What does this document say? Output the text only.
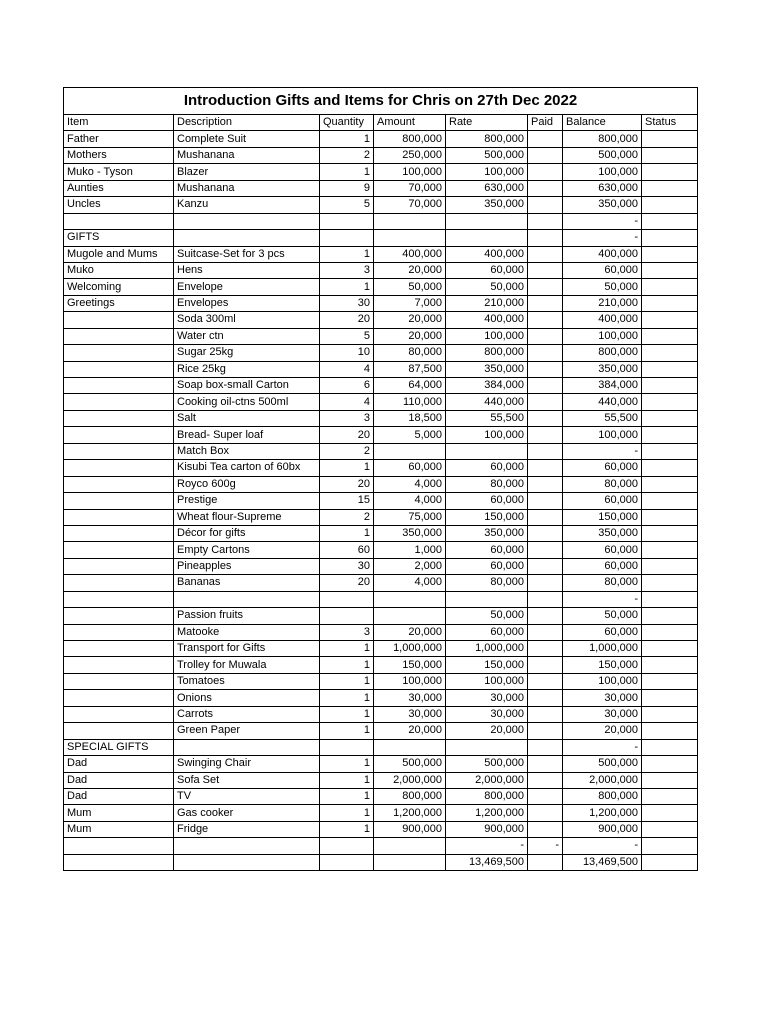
Introduction Gifts and Items for Chris on 27th Dec 2022							
Item	Description	Quantity	Amount	Rate	Paid	Balance	Status
Father	Complete Suit	1	800,000	800,000		800,000	
Mothers	Mushanana	2	250,000	500,000		500,000	
Muko - Tyson	Blazer	1	100,000	100,000		100,000	
Aunties	Mushanana	9	70,000	630,000		630,000	
Uncles	Kanzu	5	70,000	350,000		350,000	
						-	
GIFTS						-	
Mugole and Mums	Suitcase-Set for 3 pcs	1	400,000	400,000		400,000	
Muko	Hens	3	20,000	60,000		60,000	
Welcoming	Envelope	1	50,000	50,000		50,000	
Greetings	Envelopes	30	7,000	210,000		210,000	
	Soda 300ml	20	20,000	400,000		400,000	
	Water ctn	5	20,000	100,000		100,000	
	Sugar 25kg	10	80,000	800,000		800,000	
	Rice 25kg	4	87,500	350,000		350,000	
	Soap box-small Carton	6	64,000	384,000		384,000	
	Cooking oil-ctns 500ml	4	110,000	440,000		440,000	
	Salt	3	18,500	55,500		55,500	
	Bread- Super loaf	20	5,000	100,000		100,000	
	Match Box	2				-	
	Kisubi Tea carton of 60bx	1	60,000	60,000		60,000	
	Royco 600g	20	4,000	80,000		80,000	
	Prestige	15	4,000	60,000		60,000	
	Wheat flour-Supreme	2	75,000	150,000		150,000	
	Décor for gifts	1	350,000	350,000		350,000	
	Empty Cartons	60	1,000	60,000		60,000	
	Pineapples	30	2,000	60,000		60,000	
	Bananas	20	4,000	80,000		80,000	
						-	
	Passion fruits			50,000		50,000	
	Matooke	3	20,000	60,000		60,000	
	Transport for Gifts	1	1,000,000	1,000,000		1,000,000	
	Trolley for Muwala	1	150,000	150,000		150,000	
	Tomatoes	1	100,000	100,000		100,000	
	Onions	1	30,000	30,000		30,000	
	Carrots	1	30,000	30,000		30,000	
	Green Paper	1	20,000	20,000		20,000	
SPECIAL GIFTS						-	
Dad	Swinging Chair	1	500,000	500,000		500,000	
Dad	Sofa Set	1	2,000,000	2,000,000		2,000,000	
Dad	TV	1	800,000	800,000		800,000	
Mum	Gas cooker	1	1,200,000	1,200,000		1,200,000	
Mum	Fridge	1	900,000	900,000		900,000	
				-	-	-	
				13,469,500		13,469,500	
